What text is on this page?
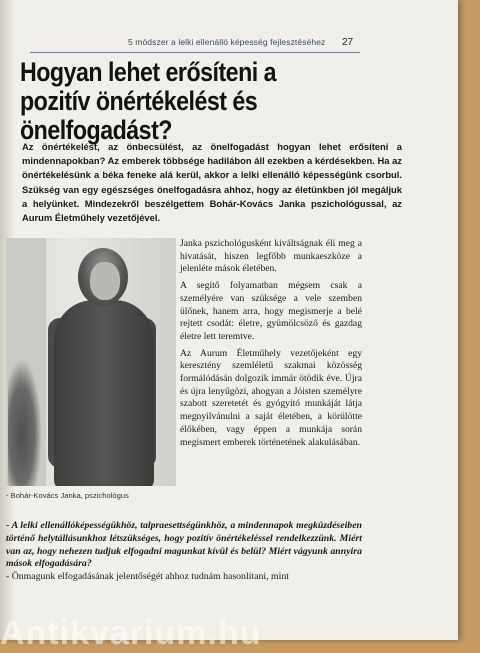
5 módszer a lelki ellenálló képesség fejlesztéséhez 27
Hogyan lehet erősíteni a pozitív önértékelést és önelfogadást?

Az önértékelést, az önbecsülést, az önelfogadást hogyan lehet erősíteni a mindennapokban? Az emberek többsége hadilábon áll ezekben a kérdésekben. Ha az önértékelésünk a béka feneke alá kerül, akkor a lelki ellenálló képességünk csorbul. Szükség van egy egészséges önelfogadásra ahhoz, hogy az életünkben jól megáljuk a helyünket. Mindezekről beszélgettem Bohár-Kovács Janka pszichológussal, az Aurum Életműhely vezetőjével.

- Bohár-Kovács Janka, pszichológus

Janka pszichológusként kiváltságnak éli meg a hivatását, hiszen legfőbb munkaeszköze a jelenléte mások életében.

A segítő folyamatban mégsem csak a személyére van szüksége a vele szemben ülőnek, hanem arra, hogy megismerje a belé rejtett csodát: életre, gyümölcsöző és gazdag életre lett teremtve.

Az Aurum Életműhely vezetőjeként egy keresztény szemléletű szakmai közösség formálódásán dolgozik immár ötödik éve. Újra és újra lenyűgözi, ahogyan a Jóisten személyre szabott szeretetét és gyógyító munkáját látja megnyilvánulni a saját életében, a körülötte élőkében, vagy éppen a munkája során megismert emberek történetének alakulásában.

- A lelki ellenállóképességükhöz, talpraesettségünkhöz, a mindennapok megküzdéseiben történő helytállásunkhoz létszükséges, hogy pozitív önértékeléssel rendelkezzünk. Miért van az, hogy nehezen tudjuk elfogadni magunkat kívül és belül? Miért vágyunk annyira mások elfogadására?

- Önmagunk elfogadásának jelentőségét ahhoz tudnám hasonlítani, mint

Antikvarium.hu
